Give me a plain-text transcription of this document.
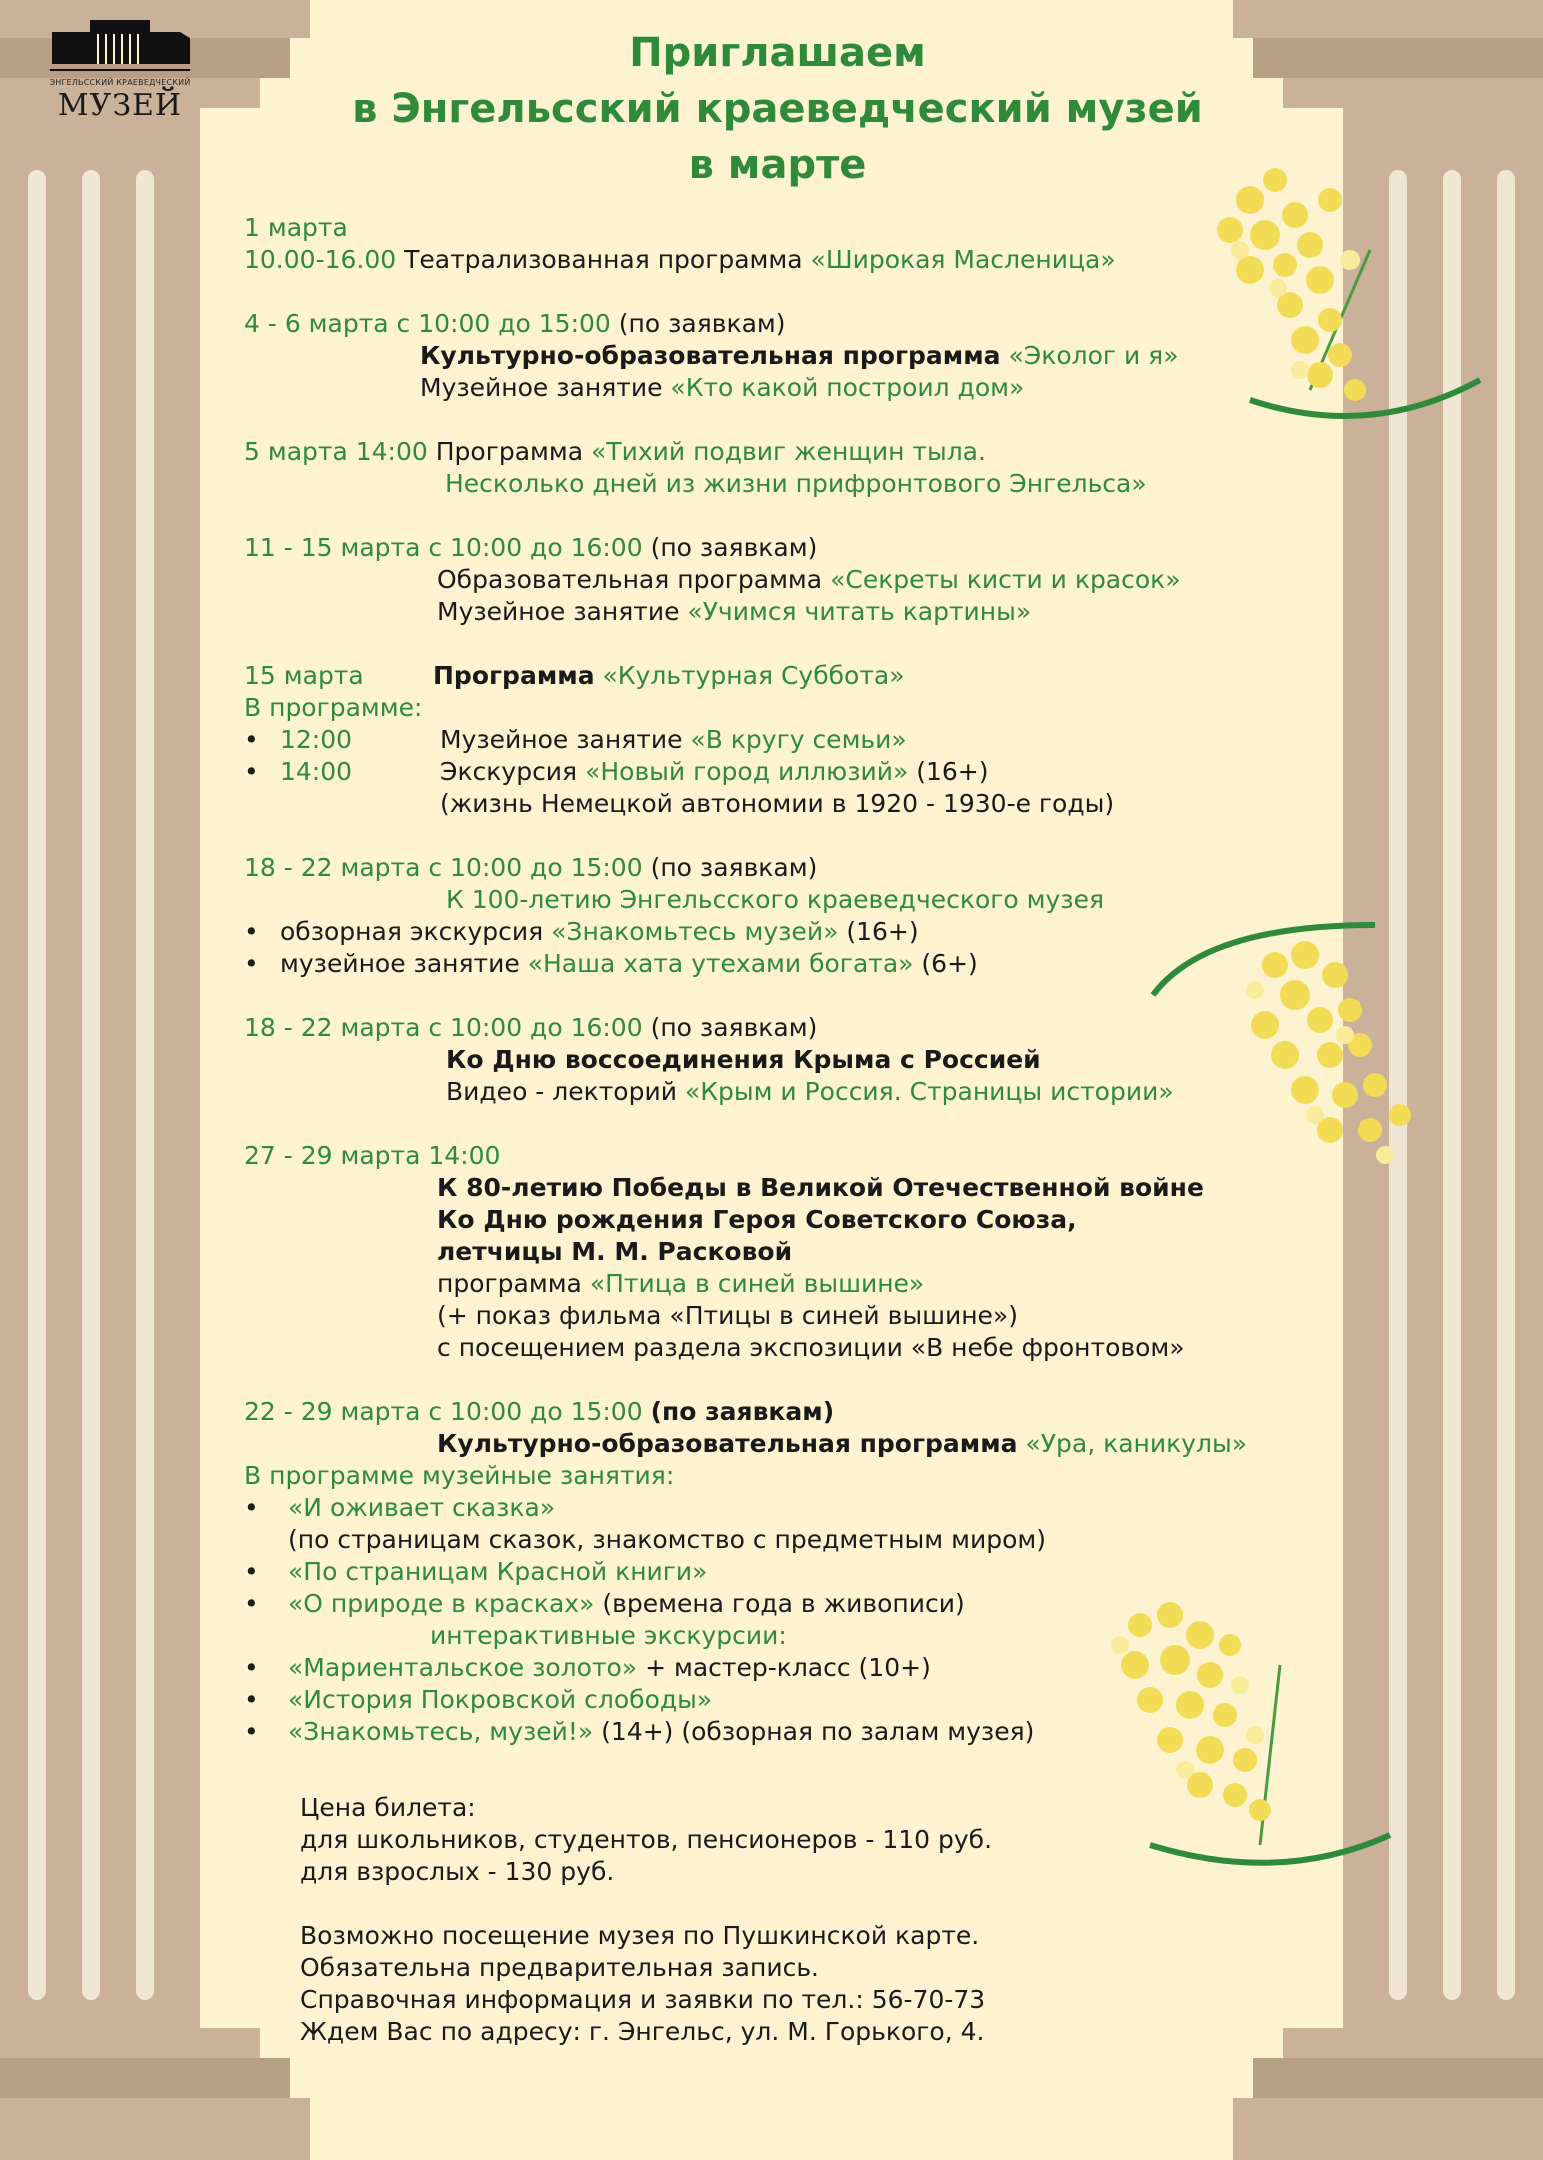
ЭНГЕЛЬССКИЙ КРАЕВЕДЧЕСКИЙ
МУЗЕЙ
Приглашаем
в Энгельсский краеведческий музей
в марте
1 марта
10.00-16.00 Театрализованная программа «Широкая Масленица»
4 - 6 марта с 10:00 до 15:00 (по заявкам)
Культурно-образовательная программа «Эколог и я»
Музейное занятие «Кто какой построил дом»
5 марта 14:00 Программа «Тихий подвиг женщин тыла.
Несколько дней из жизни прифронтового Энгельса»
11 - 15 марта с 10:00 до 16:00 (по заявкам)
Образовательная программа «Секреты кисти и красок»
Музейное занятие «Учимся читать картины»
15 марта	Программа «Культурная Суббота»
В программе:
• 12:00	Музейное занятие «В кругу семьи»
• 14:00	Экскурсия «Новый город иллюзий» (16+)
(жизнь Немецкой автономии в 1920 - 1930-е годы)
18 - 22 марта с 10:00 до 15:00 (по заявкам)
К 100-летию Энгельсского краеведческого музея
• обзорная экскурсия «Знакомьтесь музей» (16+)
• музейное занятие «Наша хата утехами богата» (6+)
18 - 22 марта с 10:00 до 16:00 (по заявкам)
Ко Дню воссоединения Крыма с Россией
Видео - лекторий «Крым и Россия. Страницы истории»
27 - 29 марта 14:00
К 80-летию Победы в Великой Отечественной войне
Ко Дню рождения Героя Советского Союза,
летчицы М. М. Расковой
программа «Птица в синей вышине»
(+ показ фильма «Птицы в синей вышине»)
с посещением раздела экспозиции «В небе фронтовом»
22 - 29 марта с 10:00 до 15:00 (по заявкам)
Культурно-образовательная программа «Ура, каникулы»
В программе музейные занятия:
• «И оживает сказка»
(по страницам сказок, знакомство с предметным миром)
• «По страницам Красной книги»
• «О природе в красках» (времена года в живописи)
интерактивные экскурсии:
• «Мариентальское золото» + мастер-класс (10+)
• «История Покровской слободы»
• «Знакомьтесь, музей!» (14+) (обзорная по залам музея)
Цена билета:
для школьников, студентов, пенсионеров - 110 руб.
для взрослых - 130 руб.
Возможно посещение музея по Пушкинской карте.
Обязательна предварительная запись.
Справочная информация и заявки по тел.: 56-70-73
Ждем Вас по адресу: г. Энгельс, ул. М. Горького, 4.
